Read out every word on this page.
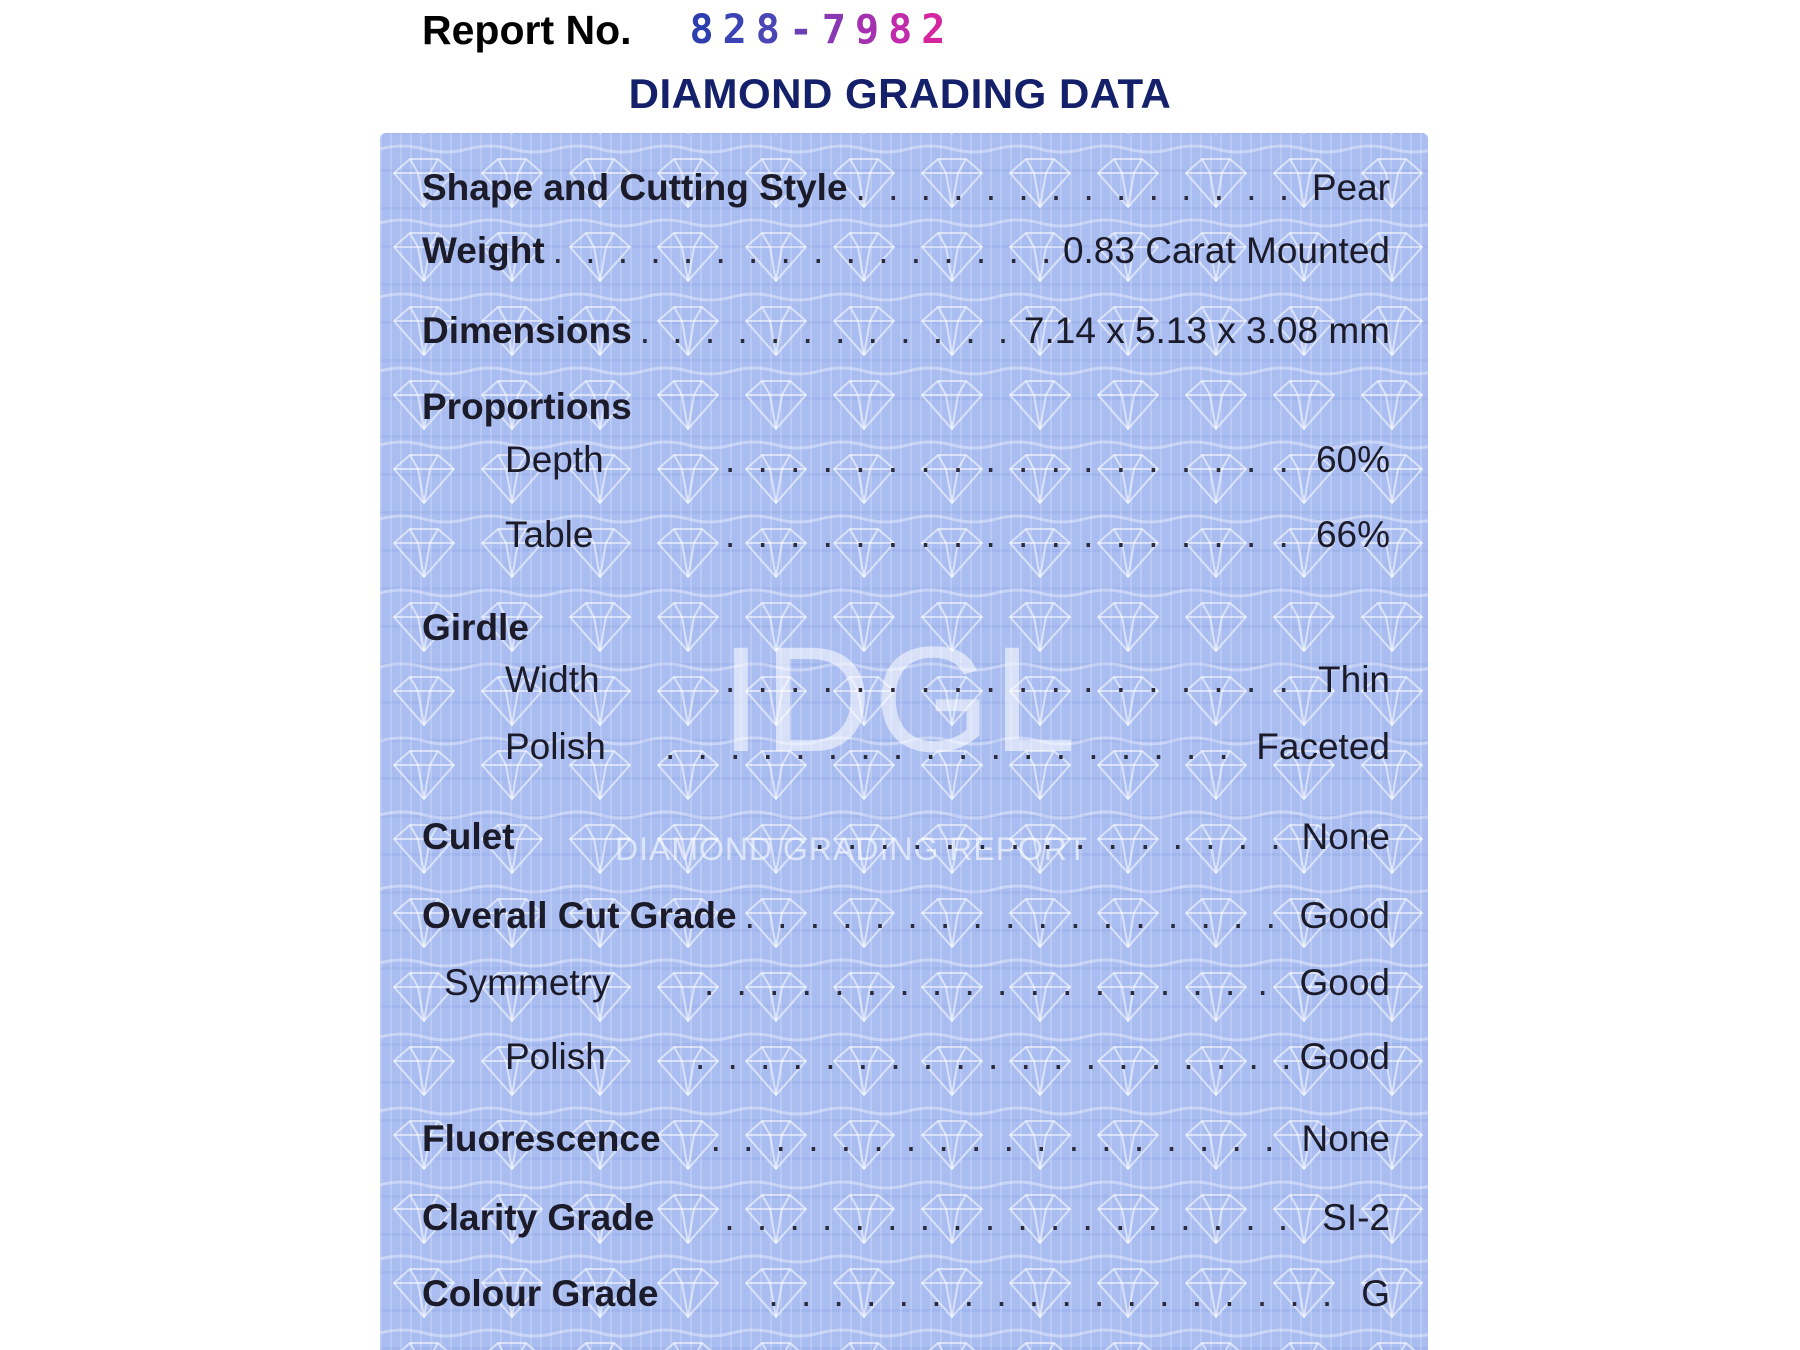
Report No. 828-7982
DIAMOND GRADING DATA
IDGL
DIAMOND GRADING REPORT
Shape and Cutting Style . . .	Pear
Weight . . .	0.83 Carat Mounted
Dimensions . . .	7.14 x 5.13 x 3.08 mm
Proportions
Depth . . .	60%
Table . . .	66%
Girdle
Width . . .	Thin
Polish . . .	Faceted
Culet . . .	None
Overall Cut Grade . . .	Good
Symmetry . . .	Good
Polish . . .	Good
Fluorescence . . .	None
Clarity Grade . . .	SI-2
Colour Grade . . .	G
